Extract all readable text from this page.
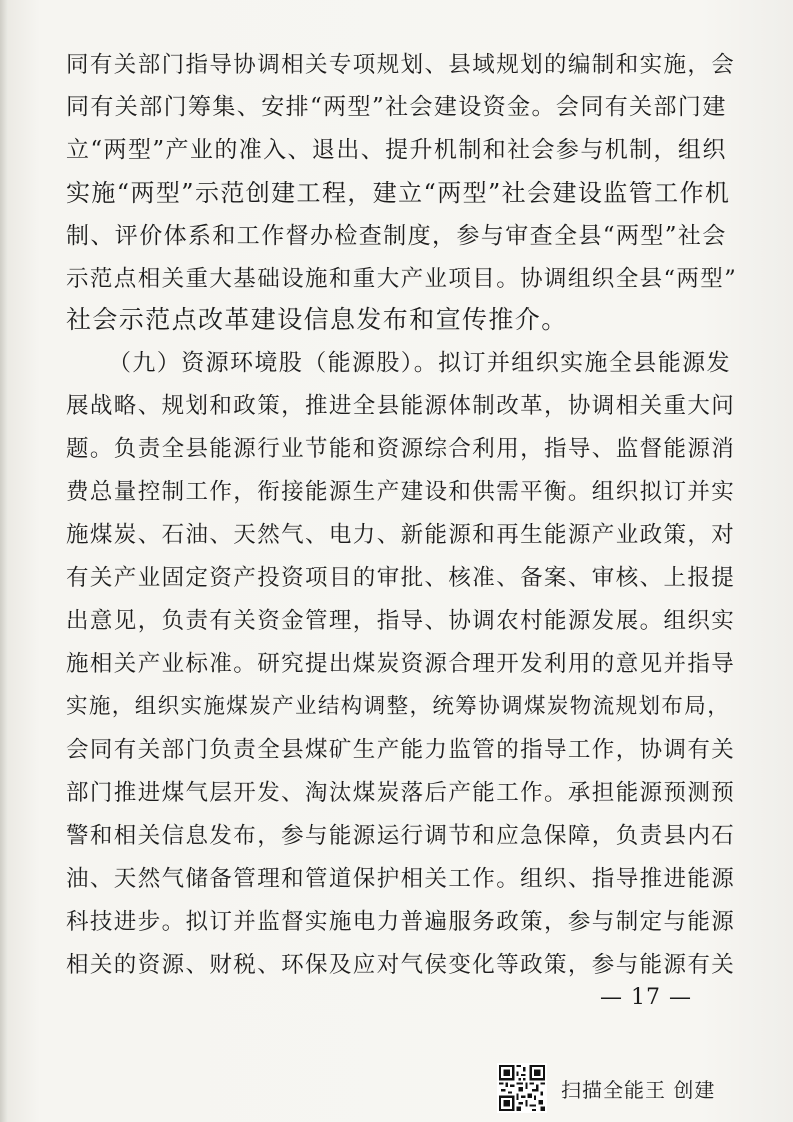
同有关部门指导协调相关专项规划、县域规划的编制和实施，会
同有关部门筹集、安排“两型”社会建设资金。会同有关部门建
立“两型”产业的准入、退出、提升机制和社会参与机制，组织
实施“两型”示范创建工程，建立“两型”社会建设监管工作机
制、评价体系和工作督办检查制度，参与审查全县“两型”社会
示范点相关重大基础设施和重大产业项目。协调组织全县“两型”
社会示范点改革建设信息发布和宣传推介。
（九）资源环境股（能源股）。拟订并组织实施全县能源发
展战略、规划和政策，推进全县能源体制改革，协调相关重大问
题。负责全县能源行业节能和资源综合利用，指导、监督能源消
费总量控制工作，衔接能源生产建设和供需平衡。组织拟订并实
施煤炭、石油、天然气、电力、新能源和再生能源产业政策，对
有关产业固定资产投资项目的审批、核准、备案、审核、上报提
出意见，负责有关资金管理，指导、协调农村能源发展。组织实
施相关产业标准。研究提出煤炭资源合理开发利用的意见并指导
实施，组织实施煤炭产业结构调整，统筹协调煤炭物流规划布局，
会同有关部门负责全县煤矿生产能力监管的指导工作，协调有关
部门推进煤气层开发、淘汰煤炭落后产能工作。承担能源预测预
警和相关信息发布，参与能源运行调节和应急保障，负责县内石
油、天然气储备管理和管道保护相关工作。组织、指导推进能源
科技进步。拟订并监督实施电力普遍服务政策，参与制定与能源
相关的资源、财税、环保及应对气侯变化等政策，参与能源有关
— 17 —
扫描全能王 创建
